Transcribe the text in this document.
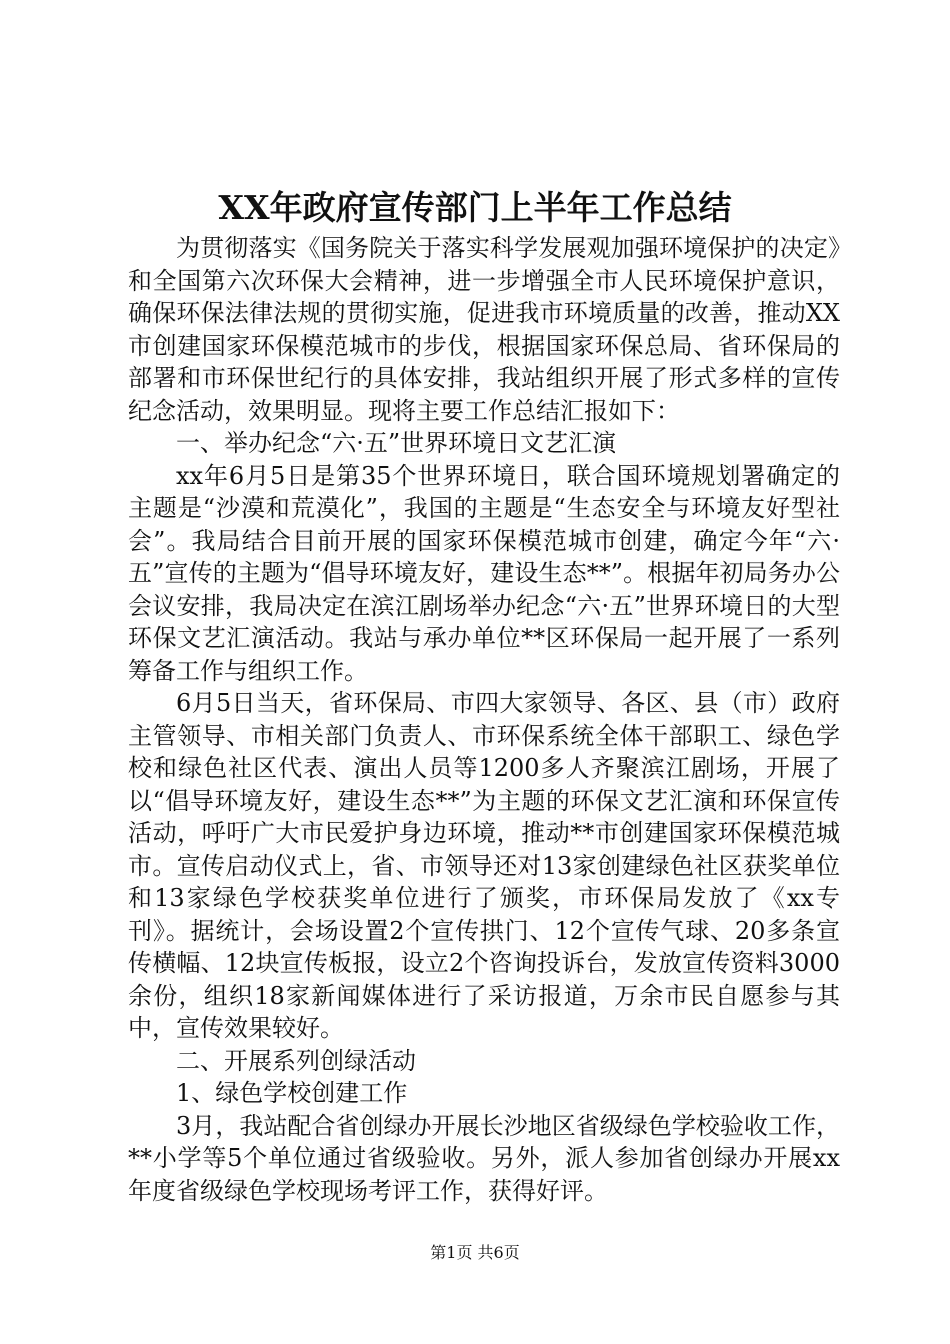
XX年政府宣传部门上半年工作总结

为贯彻落实《国务院关于落实科学发展观加强环境保护的决定》和全国第六次环保大会精神，进一步增强全市人民环境保护意识，确保环保法律法规的贯彻实施，促进我市环境质量的改善，推动XX市创建国家环保模范城市的步伐，根据国家环保总局、省环保局的部署和市环保世纪行的具体安排，我站组织开展了形式多样的宣传纪念活动，效果明显。现将主要工作总结汇报如下：

一、举办纪念“六·五”世界环境日文艺汇演

xx年6月5日是第35个世界环境日，联合国环境规划署确定的主题是“沙漠和荒漠化”，我国的主题是“生态安全与环境友好型社会”。我局结合目前开展的国家环保模范城市创建，确定今年“六·五”宣传的主题为“倡导环境友好，建设生态**”。根据年初局务办公会议安排，我局决定在滨江剧场举办纪念“六·五”世界环境日的大型环保文艺汇演活动。我站与承办单位**区环保局一起开展了一系列筹备工作与组织工作。

6月5日当天，省环保局、市四大家领导、各区、县（市）政府主管领导、市相关部门负责人、市环保系统全体干部职工、绿色学校和绿色社区代表、演出人员等1200多人齐聚滨江剧场，开展了以“倡导环境友好，建设生态**”为主题的环保文艺汇演和环保宣传活动，呼吁广大市民爱护身边环境，推动**市创建国家环保模范城市。宣传启动仪式上，省、市领导还对13家创建绿色社区获奖单位和13家绿色学校获奖单位进行了颁奖，市环保局发放了《xx专刊》。据统计，会场设置2个宣传拱门、12个宣传气球、20多条宣传横幅、12块宣传板报，设立2个咨询投诉台，发放宣传资料3000余份，组织18家新闻媒体进行了采访报道，万余市民自愿参与其中，宣传效果较好。

二、开展系列创绿活动

1、绿色学校创建工作

3月，我站配合省创绿办开展长沙地区省级绿色学校验收工作，**小学等5个单位通过省级验收。另外，派人参加省创绿办开展xx年度省级绿色学校现场考评工作，获得好评。

第1页 共6页
